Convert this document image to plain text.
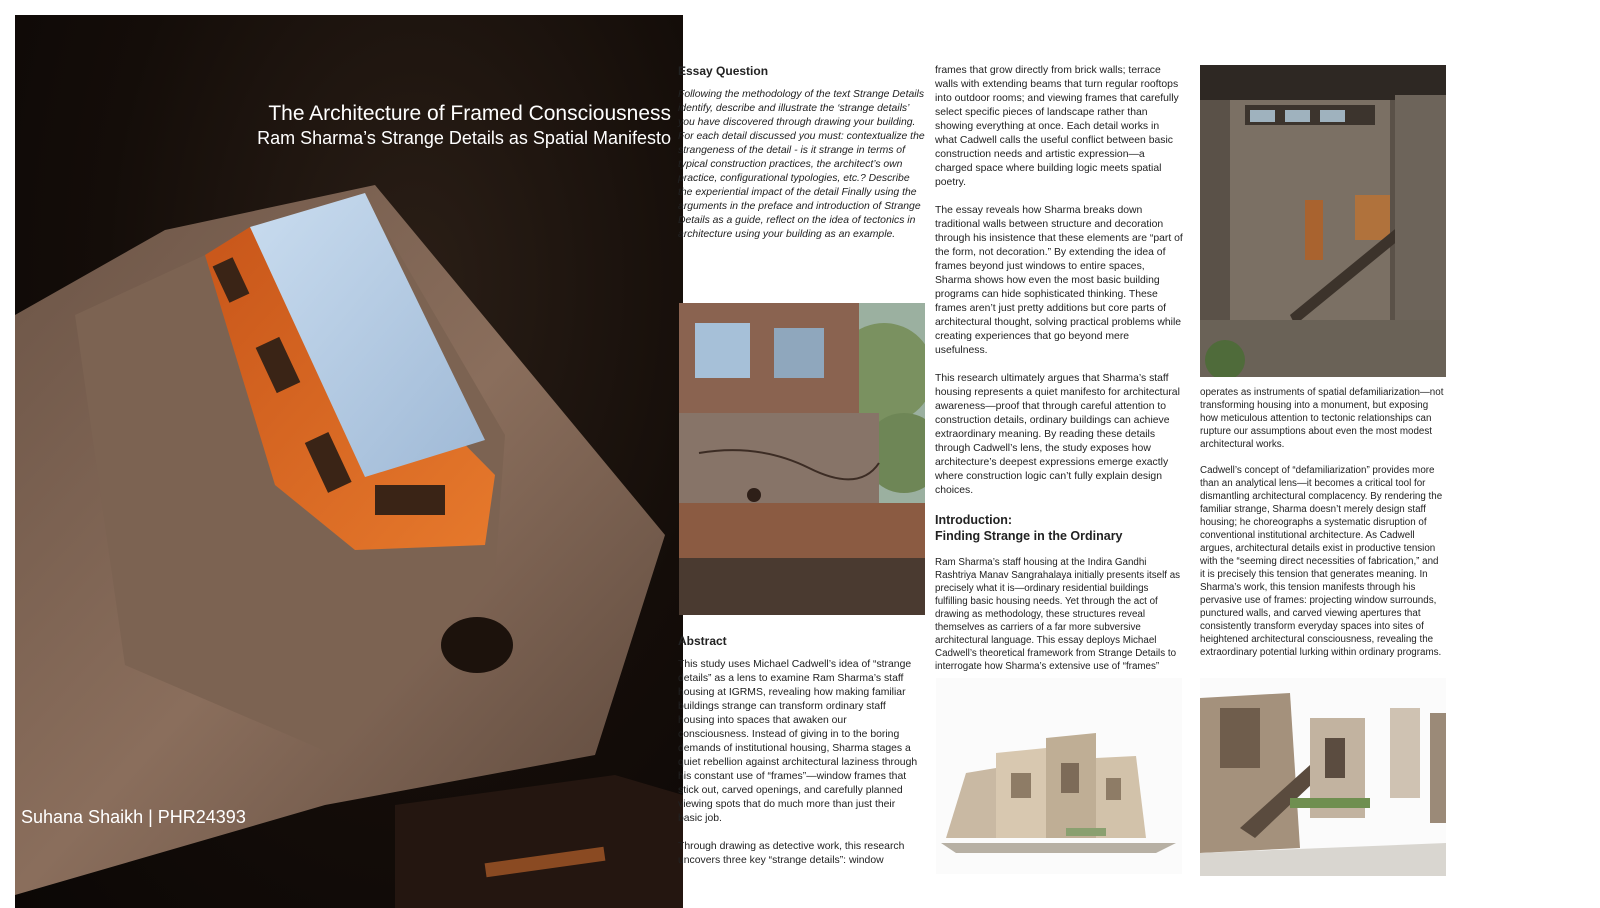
The Architecture of Framed Consciousness
Ram Sharma’s Strange Details as Spatial Manifesto
Suhana Shaikh | PHR24393
Essay Question

Following the methodology of the text Strange Details identify, describe and illustrate the ‘strange details’ you have discovered through drawing your building. For each detail discussed you must: contextualize the strangeness of the detail - is it strange in terms of typical construction practices, the architect’s own practice, configurational typologies, etc.? Describe the experiential impact of the detail Finally using the arguments in the preface and introduction of Strange Details as a guide, reflect on the idea of tectonics in architecture using your building as an example.

Abstract

This study uses Michael Cadwell’s idea of “strange details” as a lens to examine Ram Sharma’s staff housing at IGRMS, revealing how making familiar buildings strange can transform ordinary staff housing into spaces that awaken our consciousness. Instead of giving in to the boring demands of institutional housing, Sharma stages a quiet rebellion against architectural laziness through his constant use of “frames”—window frames that stick out, carved openings, and carefully planned viewing spots that do much more than just their basic job.

Through drawing as detective work, this research uncovers three key “strange details”: window

frames that grow directly from brick walls; terrace walls with extending beams that turn regular rooftops into outdoor rooms; and viewing frames that carefully select specific pieces of landscape rather than showing everything at once. Each detail works in what Cadwell calls the useful conflict between basic construction needs and artistic expression—a charged space where building logic meets spatial poetry.

The essay reveals how Sharma breaks down traditional walls between structure and decoration through his insistence that these elements are “part of the form, not decoration.” By extending the idea of frames beyond just windows to entire spaces, Sharma shows how even the most basic building programs can hide sophisticated thinking. These frames aren’t just pretty additions but core parts of architectural thought, solving practical problems while creating experiences that go beyond mere usefulness.

This research ultimately argues that Sharma’s staff housing represents a quiet manifesto for architectural awareness—proof that through careful attention to construction details, ordinary buildings can achieve extraordinary meaning. By reading these details through Cadwell’s lens, the study exposes how architecture’s deepest expressions emerge exactly where construction logic can’t fully explain design choices.

Introduction:
Finding Strange in the Ordinary

Ram Sharma’s staff housing at the Indira Gandhi Rashtriya Manav Sangrahalaya initially presents itself as precisely what it is—ordinary residential buildings fulfilling basic housing needs. Yet through the act of drawing as methodology, these structures reveal themselves as carriers of a far more subversive architectural language. This essay deploys Michael Cadwell’s theoretical framework from Strange Details to interrogate how Sharma’s extensive use of “frames”

operates as instruments of spatial defamiliarization—not transforming housing into a monument, but exposing how meticulous attention to tectonic relationships can rupture our assumptions about even the most modest architectural works.

Cadwell’s concept of “defamiliarization” provides more than an analytical lens—it becomes a critical tool for dismantling architectural complacency. By rendering the familiar strange, Sharma doesn’t merely design staff housing; he choreographs a systematic disruption of conventional institutional architecture. As Cadwell argues, architectural details exist in productive tension with the “seeming direct necessities of fabrication,” and it is precisely this tension that generates meaning. In Sharma’s work, this tension manifests through his pervasive use of frames: projecting window surrounds, punctured walls, and carved viewing apertures that consistently transform everyday spaces into sites of heightened architectural consciousness, revealing the extraordinary potential lurking within ordinary programs.
